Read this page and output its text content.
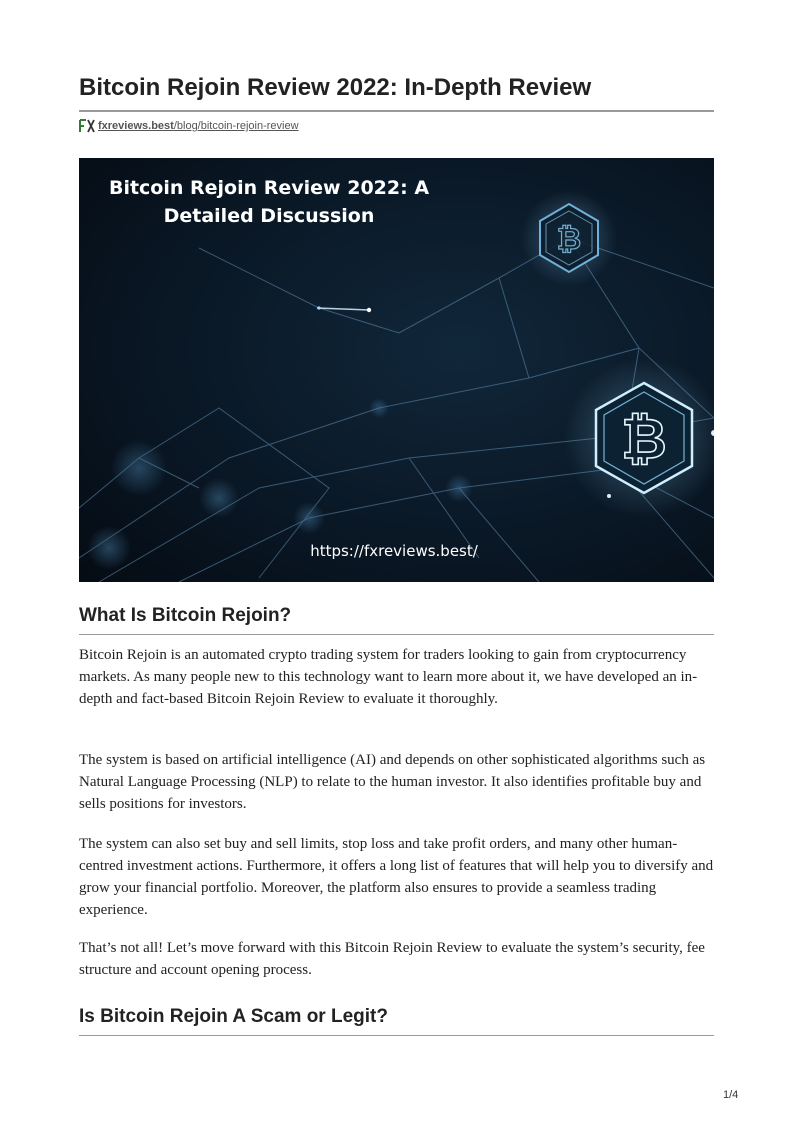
Bitcoin Rejoin Review 2022: In-Depth Review
fxreviews.best/blog/bitcoin-rejoin-review
₿
₿
Bitcoin Rejoin Review 2022: A
Detailed Discussion
https://fxreviews.best/
What Is Bitcoin Rejoin?

Bitcoin Rejoin is an automated crypto trading system for traders looking to gain from cryptocurrency markets. As many people new to this technology want to learn more about it, we have developed an in-depth and fact-based Bitcoin Rejoin Review to evaluate it thoroughly.

The system is based on artificial intelligence (AI) and depends on other sophisticated algorithms such as Natural Language Processing (NLP) to relate to the human investor. It also identifies profitable buy and sells positions for investors.

The system can also set buy and sell limits, stop loss and take profit orders, and many other human-centred investment actions. Furthermore, it offers a long list of features that will help you to diversify and grow your financial portfolio. Moreover, the platform also ensures to provide a seamless trading experience.

That’s not all! Let’s move forward with this Bitcoin Rejoin Review to evaluate the system’s security, fee structure and account opening process.

Is Bitcoin Rejoin A Scam or Legit?
1/4
